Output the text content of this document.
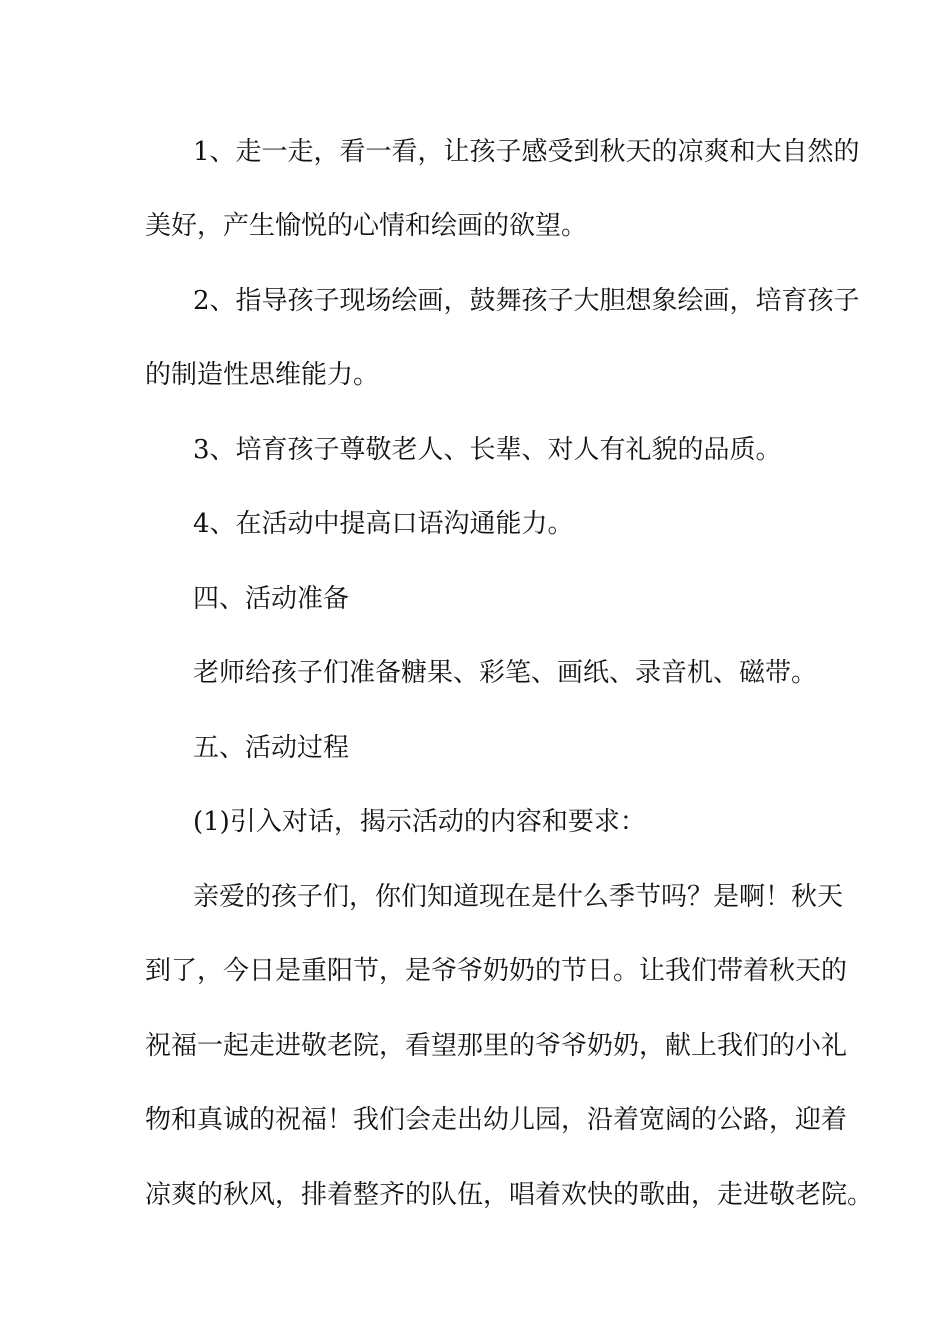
1、走一走，看一看，让孩子感受到秋天的凉爽和大自然的

美好，产生愉悦的心情和绘画的欲望。

2、指导孩子现场绘画，鼓舞孩子大胆想象绘画，培育孩子

的制造性思维能力。

3、培育孩子尊敬老人、长辈、对人有礼貌的品质。

4、在活动中提高口语沟通能力。

四、活动准备

老师给孩子们准备糖果、彩笔、画纸、录音机、磁带。

五、活动过程

(1)引入对话，揭示活动的内容和要求：

亲爱的孩子们，你们知道现在是什么季节吗？是啊！秋天

到了，今日是重阳节，是爷爷奶奶的节日。让我们带着秋天的

祝福一起走进敬老院，看望那里的爷爷奶奶，献上我们的小礼

物和真诚的祝福！我们会走出幼儿园，沿着宽阔的公路，迎着

凉爽的秋风，排着整齐的队伍，唱着欢快的歌曲，走进敬老院。
